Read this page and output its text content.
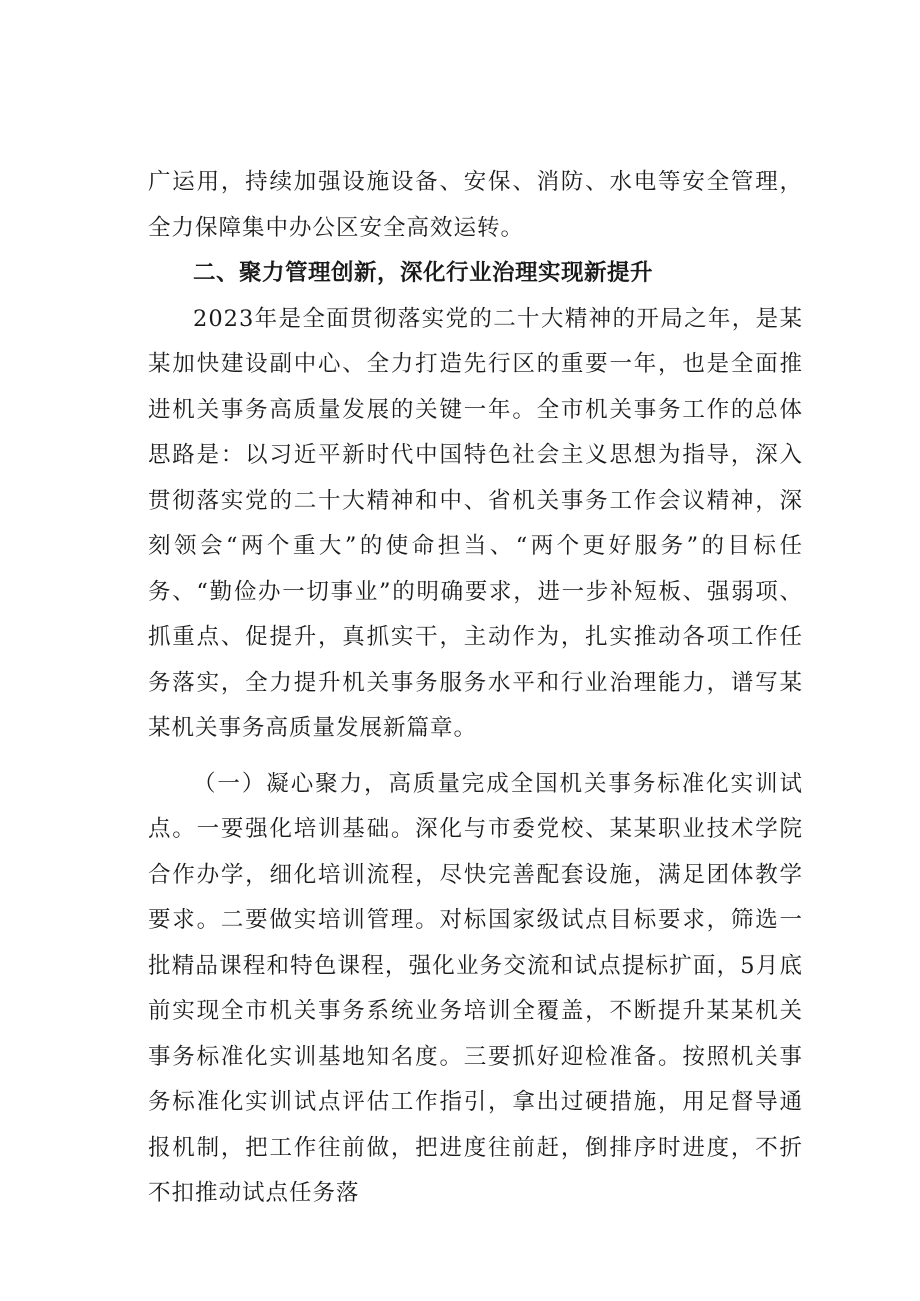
广运用，持续加强设施设备、安保、消防、水电等安全管理，全力保障集中办公区安全高效运转。

二、聚力管理创新，深化行业治理实现新提升

2023年是全面贯彻落实党的二十大精神的开局之年，是某某加快建设副中心、全力打造先行区的重要一年，也是全面推进机关事务高质量发展的关键一年。全市机关事务工作的总体思路是：以习近平新时代中国特色社会主义思想为指导，深入贯彻落实党的二十大精神和中、省机关事务工作会议精神，深刻领会“两个重大”的使命担当、“两个更好服务”的目标任务、“勤俭办一切事业”的明确要求，进一步补短板、强弱项、抓重点、促提升，真抓实干，主动作为，扎实推动各项工作任务落实，全力提升机关事务服务水平和行业治理能力，谱写某某机关事务高质量发展新篇章。

（一）凝心聚力，高质量完成全国机关事务标准化实训试点。一要强化培训基础。深化与市委党校、某某职业技术学院合作办学，细化培训流程，尽快完善配套设施，满足团体教学要求。二要做实培训管理。对标国家级试点目标要求，筛选一批精品课程和特色课程，强化业务交流和试点提标扩面，5月底前实现全市机关事务系统业务培训全覆盖，不断提升某某机关事务标准化实训基地知名度。三要抓好迎检准备。按照机关事务标准化实训试点评估工作指引，拿出过硬措施，用足督导通报机制，把工作往前做，把进度往前赶，倒排序时进度，不折不扣推动试点任务落
